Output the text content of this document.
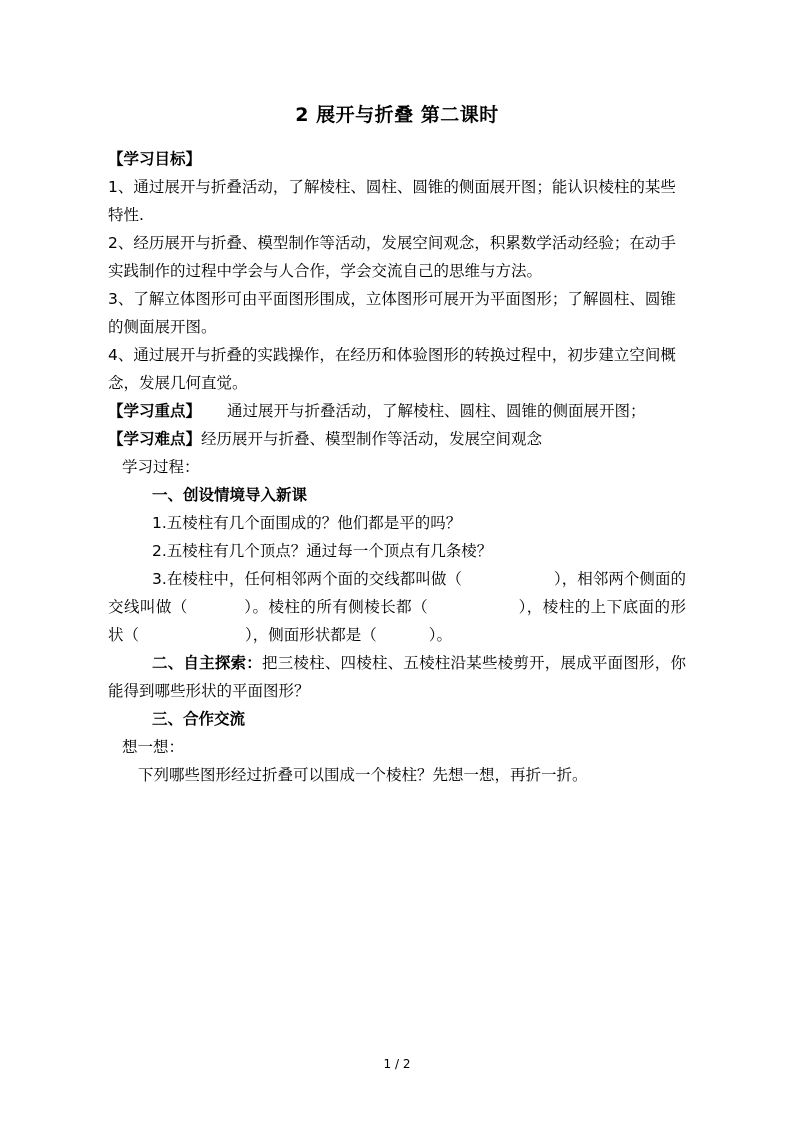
2 展开与折叠 第二课时
【学习目标】
1、通过展开与折叠活动，了解棱柱、圆柱、圆锥的侧面展开图；能认识棱柱的某些特性.
2、经历展开与折叠、模型制作等活动，发展空间观念，积累数学活动经验；在动手实践制作的过程中学会与人合作，学会交流自己的思维与方法。
3、了解立体图形可由平面图形围成，立体图形可展开为平面图形；了解圆柱、圆锥的侧面展开图。
4、通过展开与折叠的实践操作，在经历和体验图形的转换过程中，初步建立空间概念，发展几何直觉。
【学习重点】 通过展开与折叠活动，了解棱柱、圆柱、圆锥的侧面展开图；
【学习难点】经历展开与折叠、模型制作等活动，发展空间观念
学习过程：
一、创设情境导入新课
1.五棱柱有几个面围成的？他们都是平的吗？
2.五棱柱有几个顶点？通过每一个顶点有几条棱？
3.在棱柱中，任何相邻两个面的交线都叫做（	），相邻两个侧面的交线叫做（	）。棱柱的所有侧棱长都（	），棱柱的上下底面的形状（	），侧面形状都是（	）。
二、自主探索：把三棱柱、四棱柱、五棱柱沿某些棱剪开，展成平面图形，你能得到哪些形状的平面图形？
三、合作交流
想一想：
下列哪些图形经过折叠可以围成一个棱柱？先想一想，再折一折。
1 / 2
